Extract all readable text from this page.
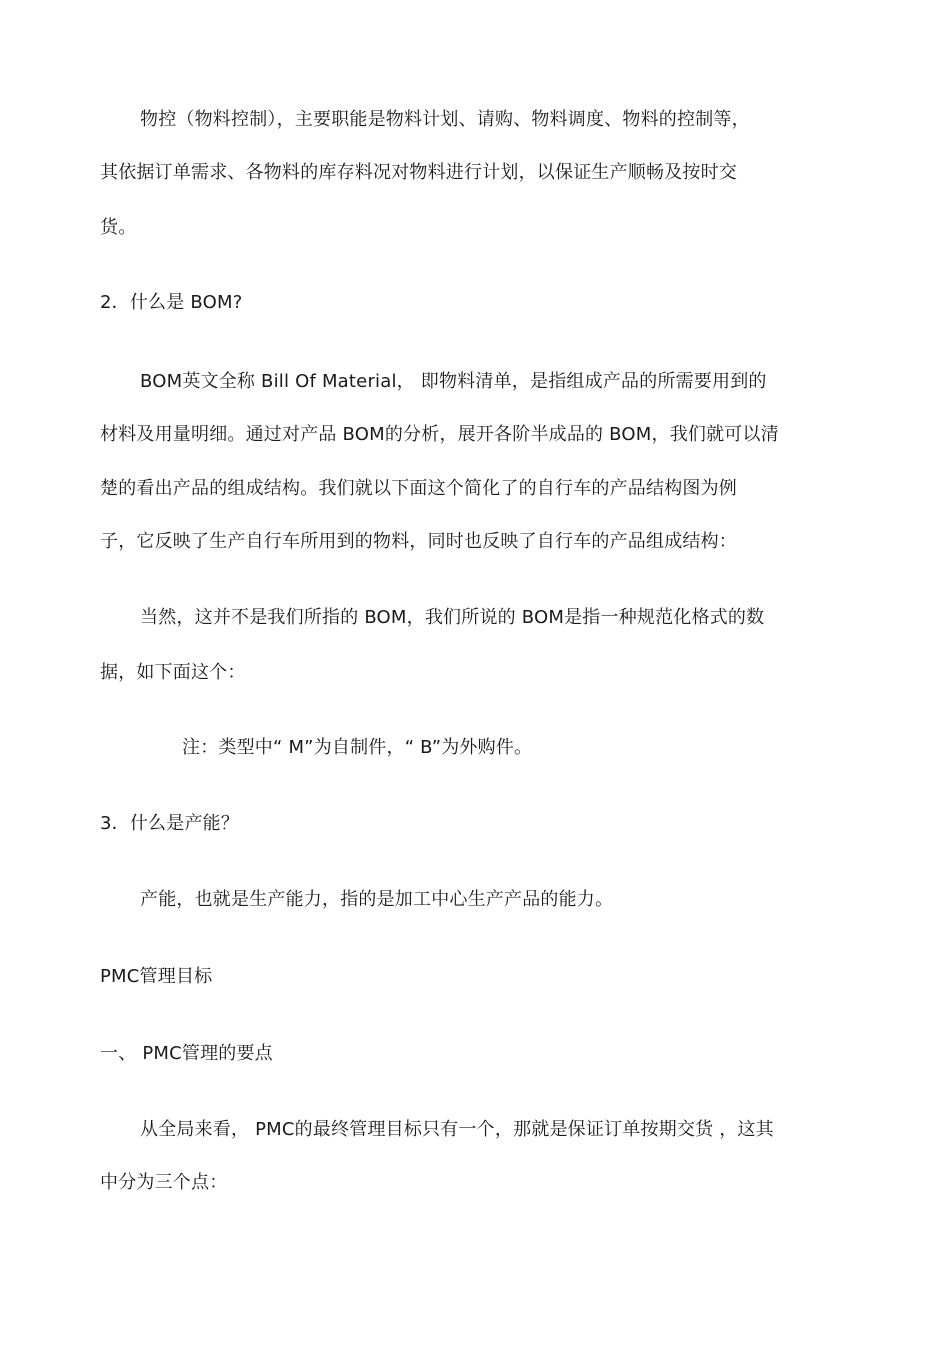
物控（物料控制），主要职能是物料计划、请购、物料调度、物料的控制等，
其依据订单需求、各物料的库存料况对物料进行计划，以保证生产顺畅及按时交
货。
2．什么是 BOM?
BOM英文全称 Bill Of Material， 即物料清单，是指组成产品的所需要用到的
材料及用量明细。通过对产品 BOM的分析，展开各阶半成品的 BOM，我们就可以清
楚的看出产品的组成结构。我们就以下面这个简化了的自行车的产品结构图为例
子，它反映了生产自行车所用到的物料，同时也反映了自行车的产品组成结构：
当然，这并不是我们所指的 BOM，我们所说的 BOM是指一种规范化格式的数
据，如下面这个：
注：类型中“ M”为自制件，“ B”为外购件。
3．什么是产能？
产能，也就是生产能力，指的是加工中心生产产品的能力。
PMC管理目标
一、 PMC管理的要点
从全局来看， PMC的最终管理目标只有一个，那就是保证订单按期交货 ，这其
中分为三个点：
